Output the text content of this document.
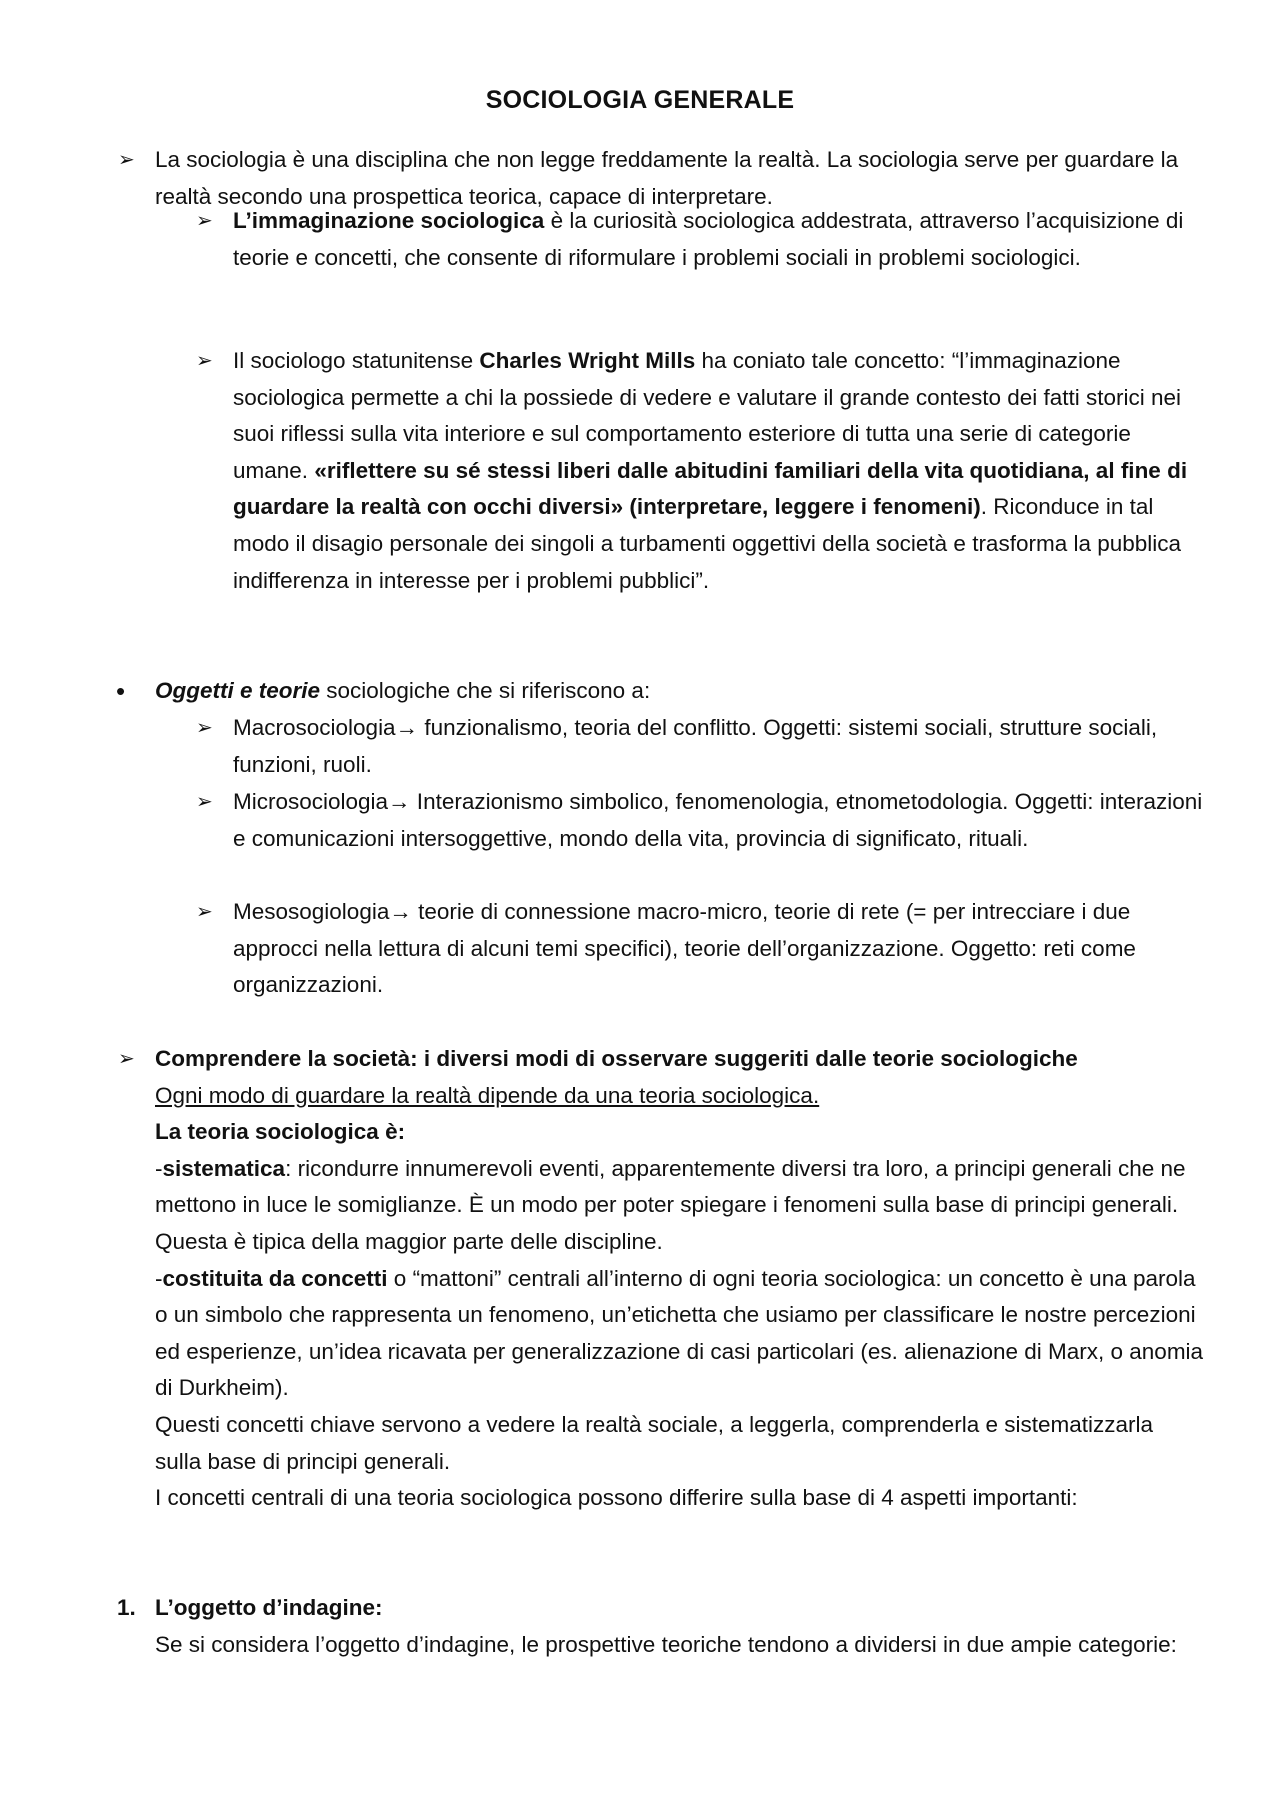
SOCIOLOGIA GENERALE
➢ La sociologia è una disciplina che non legge freddamente la realtà. La sociologia serve per guardare la realtà secondo una prospettica teorica, capace di interpretare.

➢ L’immaginazione sociologica è la curiosità sociologica addestrata, attraverso l’acquisizione di teorie e concetti, che consente di riformulare i problemi sociali in problemi sociologici.

➢ Il sociologo statunitense Charles Wright Mills ha coniato tale concetto: “l’immaginazione sociologica permette a chi la possiede di vedere e valutare il grande contesto dei fatti storici nei suoi riflessi sulla vita interiore e sul comportamento esteriore di tutta una serie di categorie umane. «riflettere su sé stessi liberi dalle abitudini familiari della vita quotidiana, al fine di guardare la realtà con occhi diversi» (interpretare, leggere i fenomeni). Riconduce in tal modo il disagio personale dei singoli a turbamenti oggettivi della società e trasforma la pubblica indifferenza in interesse per i problemi pubblici”.

• Oggetti e teorie sociologiche che si riferiscono a:

➢ Macrosociologia→ funzionalismo, teoria del conflitto. Oggetti: sistemi sociali, strutture sociali, funzioni, ruoli.

➢ Microsociologia→ Interazionismo simbolico, fenomenologia, etnometodologia. Oggetti: interazioni e comunicazioni intersoggettive, mondo della vita, provincia di significato, rituali.

➢ Mesosogiologia→ teorie di connessione macro-micro, teorie di rete (= per intrecciare i due approcci nella lettura di alcuni temi specifici), teorie dell’organizzazione. Oggetto: reti come organizzazioni.

➢ Comprendere la società: i diversi modi di osservare suggeriti dalle teorie sociologiche

Ogni modo di guardare la realtà dipende da una teoria sociologica.

La teoria sociologica è:

-sistematica: ricondurre innumerevoli eventi, apparentemente diversi tra loro, a principi generali che ne mettono in luce le somiglianze. È un modo per poter spiegare i fenomeni sulla base di principi generali. Questa è tipica della maggior parte delle discipline.

-costituita da concetti o “mattoni” centrali all’interno di ogni teoria sociologica: un concetto è una parola o un simbolo che rappresenta un fenomeno, un’etichetta che usiamo per classificare le nostre percezioni ed esperienze, un’idea ricavata per generalizzazione di casi particolari (es. alienazione di Marx, o anomia di Durkheim).

Questi concetti chiave servono a vedere la realtà sociale, a leggerla, comprenderla e sistematizzarla sulla base di principi generali.

I concetti centrali di una teoria sociologica possono differire sulla base di 4 aspetti importanti:

1. L’oggetto d’indagine:

Se si considera l’oggetto d’indagine, le prospettive teoriche tendono a dividersi in due ampie categorie:
